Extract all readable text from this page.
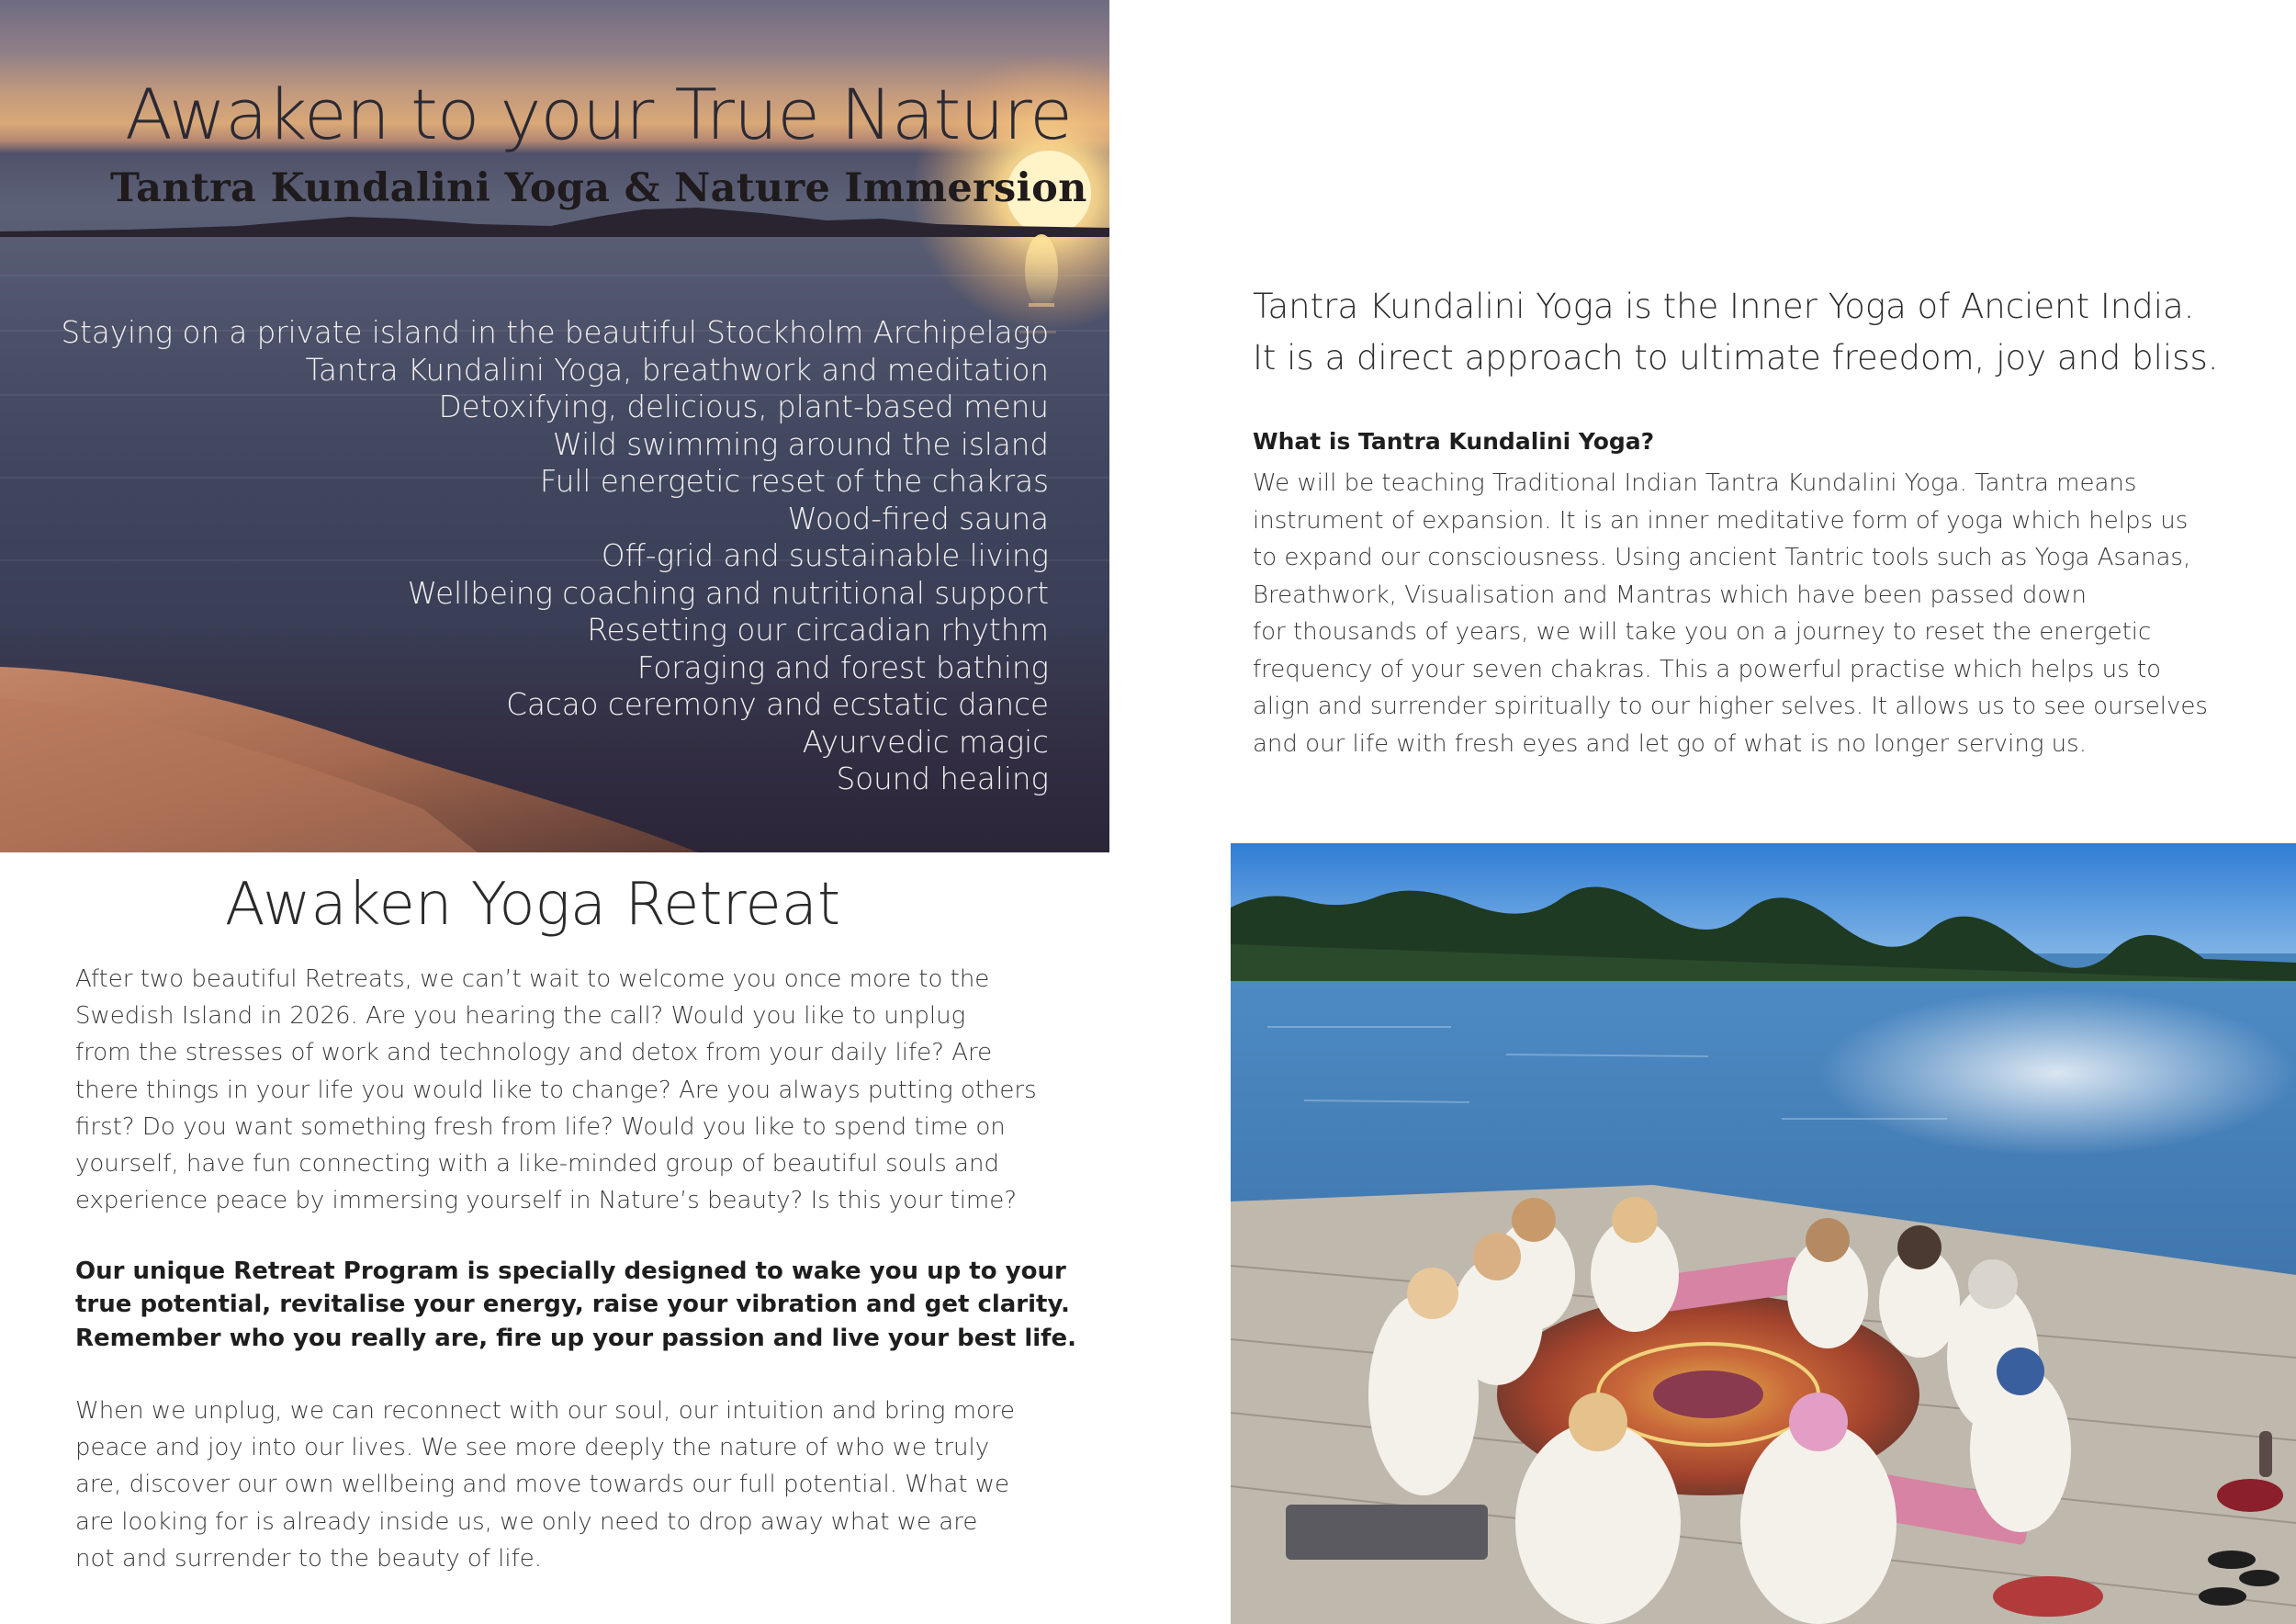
Awaken to your True Nature
Tantra Kundalini Yoga & Nature Immersion
Staying on a private island in the beautiful Stockholm Archipelago
Tantra Kundalini Yoga, breathwork and meditation
Detoxifying, delicious, plant-based menu
Wild swimming around the island
Full energetic reset of the chakras
Wood-fired sauna
Off-grid and sustainable living
Wellbeing coaching and nutritional support
Resetting our circadian rhythm
Foraging and forest bathing
Cacao ceremony and ecstatic dance
Ayurvedic magic
Sound healing

Tantra Kundalini Yoga is the Inner Yoga of Ancient India.
It is a direct approach to ultimate freedom, joy and bliss.

What is Tantra Kundalini Yoga?

We will be teaching Traditional Indian Tantra Kundalini Yoga. Tantra means
instrument of expansion. It is an inner meditative form of yoga which helps us
to expand our consciousness. Using ancient Tantric tools such as Yoga Asanas,
Breathwork, Visualisation and Mantras which have been passed down
for thousands of years, we will take you on a journey to reset the energetic
frequency of your seven chakras. This a powerful practise which helps us to
align and surrender spiritually to our higher selves. It allows us to see ourselves
and our life with fresh eyes and let go of what is no longer serving us.

Awaken Yoga Retreat

After two beautiful Retreats, we can’t wait to welcome you once more to the
Swedish Island in 2026. Are you hearing the call? Would you like to unplug
from the stresses of work and technology and detox from your daily life? Are
there things in your life you would like to change? Are you always putting others
first? Do you want something fresh from life? Would you like to spend time on
yourself, have fun connecting with a like-minded group of beautiful souls and
experience peace by immersing yourself in Nature’s beauty? Is this your time?

Our unique Retreat Program is specially designed to wake you up to your
true potential, revitalise your energy, raise your vibration and get clarity.
Remember who you really are, fire up your passion and live your best life.

When we unplug, we can reconnect with our soul, our intuition and bring more
peace and joy into our lives. We see more deeply the nature of who we truly
are, discover our own wellbeing and move towards our full potential. What we
are looking for is already inside us, we only need to drop away what we are
not and surrender to the beauty of life.
